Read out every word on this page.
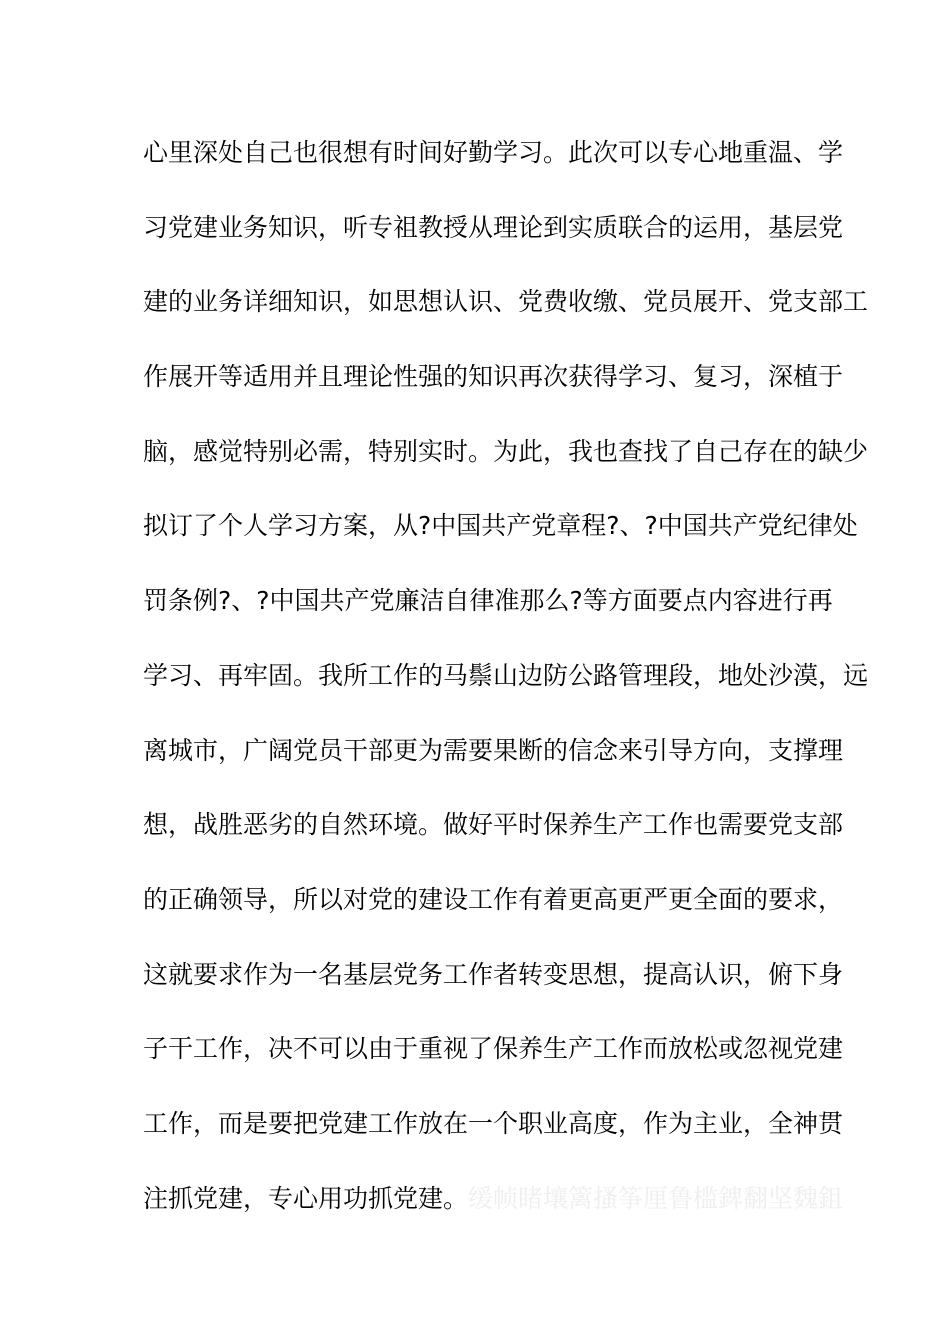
心里深处自己也很想有时间好勤学习。此次可以专心地重温、学
习党建业务知识，听专祖教授从理论到实质联合的运用，基层党
建的业务详细知识，如思想认识、党费收缴、党员展开、党支部工
作展开等适用并且理论性强的知识再次获得学习、复习，深植于
脑，感觉特别必需，特别实时。为此，我也查找了自己存在的缺少
拟订了个人学习方案，从?中国共产党章程?、?中国共产党纪律处
罚条例?、?中国共产党廉洁自律准那么?等方面要点内容进行再
学习、再牢固。我所工作的马鬃山边防公路管理段，地处沙漠，远
离城市，广阔党员干部更为需要果断的信念来引导方向，支撑理
想，战胜恶劣的自然环境。做好平时保养生产工作也需要党支部
的正确领导，所以对党的建设工作有着更高更严更全面的要求，
这就要求作为一名基层党务工作者转变思想，提高认识，俯下身
子干工作，决不可以由于重视了保养生产工作而放松或忽视党建
工作，而是要把党建工作放在一个职业高度，作为主业，全神贯
注抓党建，专心用功抓党建。缓帧睹壤篱搔筝厘鲁槛錍翻坚魏鉏
